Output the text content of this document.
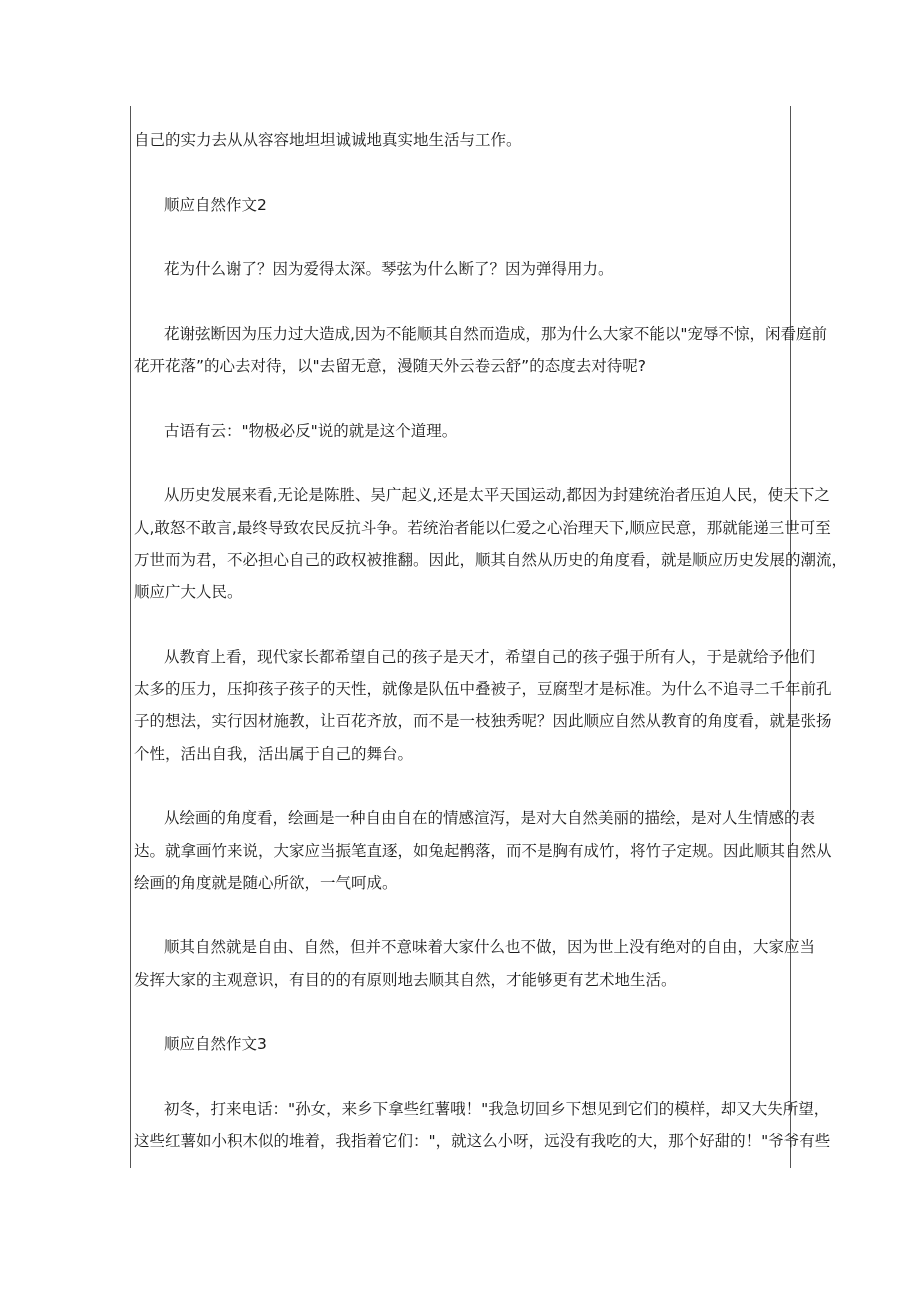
自己的实力去从从容容地坦坦诚诚地真实地生活与工作。
顺应自然作文2
花为什么谢了？因为爱得太深。琴弦为什么断了？因为弹得用力。
花谢弦断因为压力过大造成,因为不能顺其自然而造成，那为什么大家不能以"宠辱不惊，闲看庭前
花开花落”的心去对待，以"去留无意，漫随天外云卷云舒”的态度去对待呢?
古语有云："物极必反"说的就是这个道理。
从历史发展来看,无论是陈胜、吴广起义,还是太平天国运动,都因为封建统治者压迫人民，使天下之
人,敢怒不敢言,最终导致农民反抗斗争。若统治者能以仁爱之心治理天下,顺应民意，那就能递三世可至
万世而为君，不必担心自己的政权被推翻。因此，顺其自然从历史的角度看，就是顺应历史发展的潮流，
顺应广大人民。
从教育上看，现代家长都希望自己的孩子是天才，希望自己的孩子强于所有人，于是就给予他们
太多的压力，压抑孩子孩子的天性，就像是队伍中叠被子，豆腐型才是标准。为什么不追寻二千年前孔
子的想法，实行因材施教，让百花齐放，而不是一枝独秀呢？因此顺应自然从教育的角度看，就是张扬
个性，活出自我，活出属于自己的舞台。
从绘画的角度看，绘画是一种自由自在的情感渲泻，是对大自然美丽的描绘，是对人生情感的表
达。就拿画竹来说，大家应当振笔直逐，如兔起鹘落，而不是胸有成竹，将竹子定规。因此顺其自然从
绘画的角度就是随心所欲，一气呵成。
顺其自然就是自由、自然，但并不意味着大家什么也不做，因为世上没有绝对的自由，大家应当
发挥大家的主观意识，有目的的有原则地去顺其自然，才能够更有艺术地生活。
顺应自然作文3
初冬，打来电话："孙女，来乡下拿些红薯哦！"我急切回乡下想见到它们的模样，却又大失所望，
这些红薯如小积木似的堆着，我指着它们："，就这么小呀，远没有我吃的大，那个好甜的！"爷爷有些
